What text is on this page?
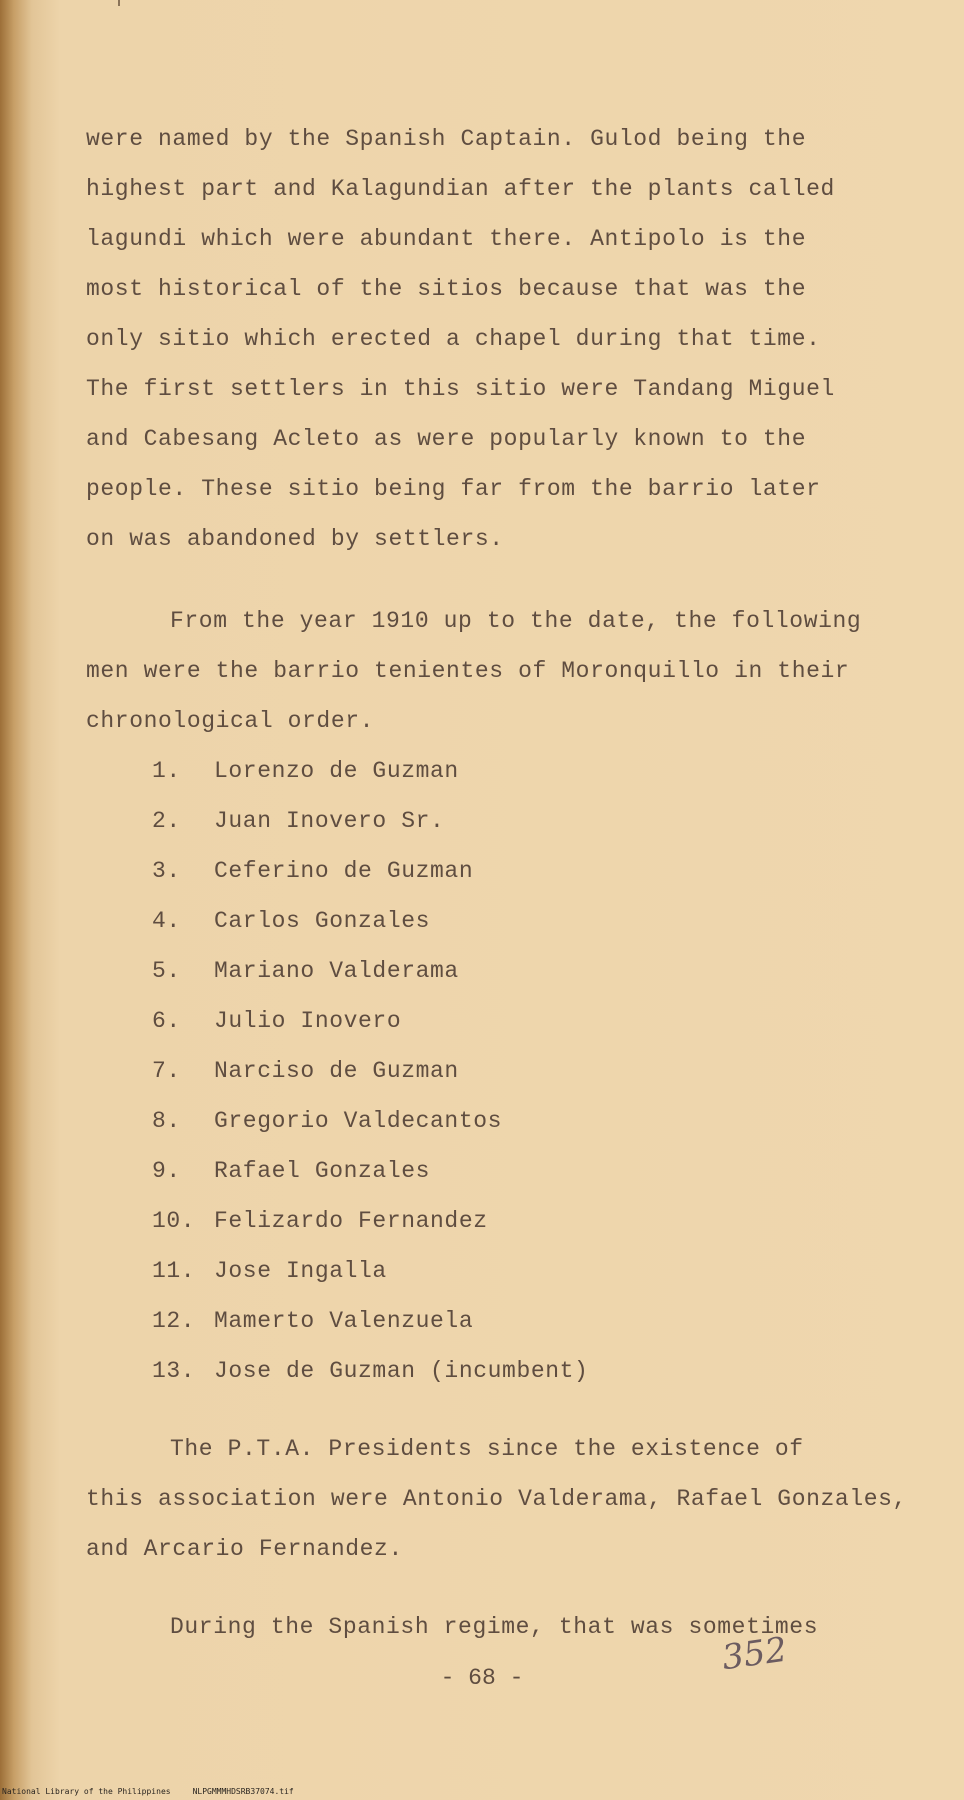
were named by the Spanish Captain. Gulod being the
highest part and Kalagundian after the plants called
lagundi which were abundant there. Antipolo is the
most historical of the sitios because that was the
only sitio which erected a chapel during that time.
The first settlers in this sitio were Tandang Miguel
and Cabesang Acleto as were popularly known to the
people. These sitio being far from the barrio later
on was abandoned by settlers.
From the year 1910 up to the date, the following
men were the barrio tenientes of Moronquillo in their
chronological order.
1. Lorenzo de Guzman
2. Juan Inovero Sr.
3. Ceferino de Guzman
4. Carlos Gonzales
5. Mariano Valderama
6. Julio Inovero
7. Narciso de Guzman
8. Gregorio Valdecantos
9. Rafael Gonzales
10. Felizardo Fernandez
11. Jose Ingalla
12. Mamerto Valenzuela
13. Jose de Guzman (incumbent)
The P.T.A. Presidents since the existence of
this association were Antonio Valderama, Rafael Gonzales,
and Arcario Fernandez.
During the Spanish regime, that was sometimes
- 68 -	352
National Library of the Philippines	NLPGMMMHDSRB37074.tif
